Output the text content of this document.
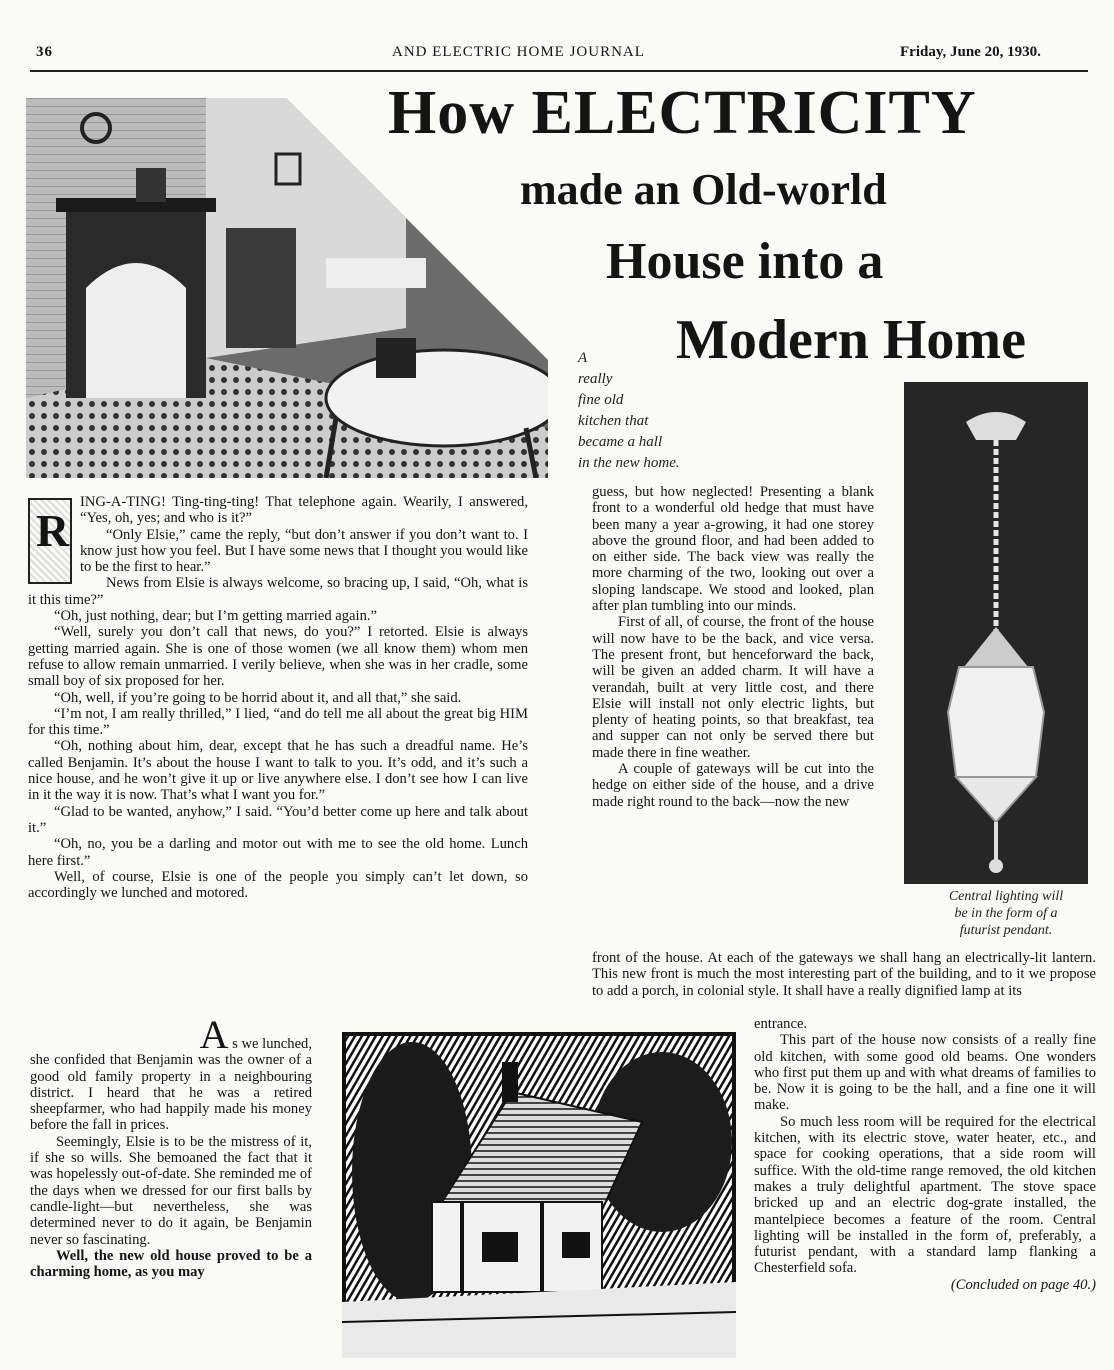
36	AND ELECTRIC HOME JOURNAL	Friday, June 20, 1930.
How ELECTRICITY
made an Old-world
House into a
Modern Home
A
really
fine old
kitchen that
became a hall
in the new home.
Central lighting will
be in the form of a
futurist pendant.
R

ING-A-TING! Ting-ting-ting! That telephone again. Wearily, I answered, “Yes, oh, yes; and who is it?”

“Only Elsie,” came the reply, “but don’t answer if you don’t want to. I know just how you feel. But I have some news that I thought you would like to be the first to hear.”

News from Elsie is always welcome, so bracing up, I said, “Oh, what is it this time?”

“Oh, just nothing, dear; but I’m getting married again.”

“Well, surely you don’t call that news, do you?” I retorted. Elsie is always getting married again. She is one of those women (we all know them) whom men refuse to allow remain unmarried. I verily believe, when she was in her cradle, some small boy of six proposed for her.

“Oh, well, if you’re going to be horrid about it, and all that,” she said.

“I’m not, I am really thrilled,” I lied, “and do tell me all about the great big HIM for this time.”

“Oh, nothing about him, dear, except that he has such a dreadful name. He’s called Benjamin. It’s about the house I want to talk to you. It’s odd, and it’s such a nice house, and he won’t give it up or live anywhere else. I don’t see how I can live in it the way it is now. That’s what I want you for.”

“Glad to be wanted, anyhow,” I said. “You’d better come up here and talk about it.”

“Oh, no, you be a darling and motor out with me to see the old home. Lunch here first.”

Well, of course, Elsie is one of the people you simply can’t let down, so accordingly we lunched and motored.

guess, but how neglected! Presenting a blank front to a wonderful old hedge that must have been many a year a-growing, it had one storey above the ground floor, and had been added to on either side. The back view was really the more charming of the two, looking out over a sloping landscape. We stood and looked, plan after plan tumbling into our minds.

First of all, of course, the front of the house will now have to be the back, and vice versa. The present front, but henceforward the back, will be given an added charm. It will have a verandah, built at very little cost, and there Elsie will install not only electric lights, but plenty of heating points, so that breakfast, tea and supper can not only be served there but made there in fine weather.

A couple of gateways will be cut into the hedge on either side of the house, and a drive made right round to the back—now the new

front of the house. At each of the gateways we shall hang an electrically-lit lantern. This new front is much the most interesting part of the building, and to it we propose to add a porch, in colonial style. It shall have a really dignified lamp at its

A s we lunched,

she confided that Benjamin was the owner of a good old family property in a neighbouring district. I heard that he was a retired sheepfarmer, who had happily made his money before the fall in prices.

Seemingly, Elsie is to be the mistress of it, if she so wills. She bemoaned the fact that it was hopelessly out-of-date. She reminded me of the days when we dressed for our first balls by candle-light—but nevertheless, she was determined never to do it again, be Benjamin never so fascinating.

Well, the new old house proved to be a charming home, as you may

entrance.

This part of the house now consists of a really fine old kitchen, with some good old beams. One wonders who first put them up and with what dreams of families to be. Now it is going to be the hall, and a fine one it will make.

So much less room will be required for the electrical kitchen, with its electric stove, water heater, etc., and space for cooking operations, that a side room will suffice. With the old-time range removed, the old kitchen makes a truly delightful apartment. The stove space bricked up and an electric dog-grate installed, the mantelpiece becomes a feature of the room. Central lighting will be installed in the form of, preferably, a futurist pendant, with a standard lamp flanking a Chesterfield sofa.

(Concluded on page 40.)
